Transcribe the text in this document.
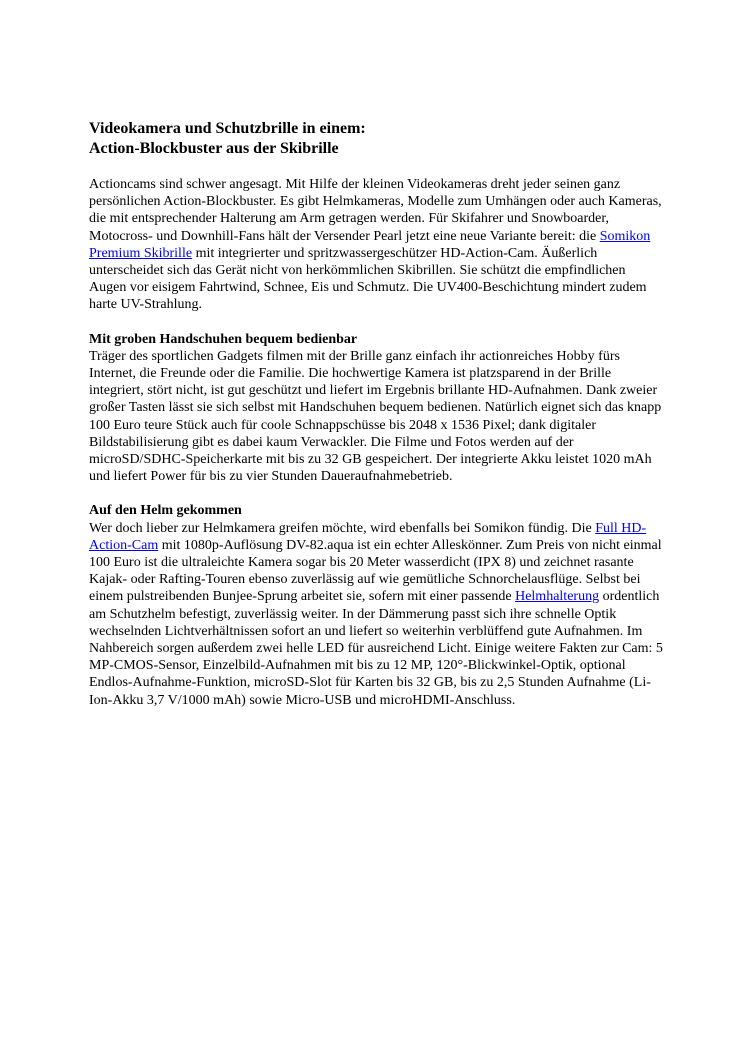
Videokamera und Schutzbrille in einem:
Action-Blockbuster aus der Skibrille

Actioncams sind schwer angesagt. Mit Hilfe der kleinen Videokameras dreht jeder seinen ganz persönlichen Action-Blockbuster. Es gibt Helmkameras, Modelle zum Umhängen oder auch Kameras, die mit entsprechender Halterung am Arm getragen werden. Für Skifahrer und Snowboarder, Motocross- und Downhill-Fans hält der Versender Pearl jetzt eine neue Variante bereit: die Somikon Premium Skibrille mit integrierter und spritzwassergeschützer HD-Action-Cam. Äußerlich unterscheidet sich das Gerät nicht von herkömmlichen Skibrillen. Sie schützt die empfindlichen Augen vor eisigem Fahrtwind, Schnee, Eis und Schmutz. Die UV400-Beschichtung mindert zudem harte UV-Strahlung.

Mit groben Handschuhen bequem bedienbar

Träger des sportlichen Gadgets filmen mit der Brille ganz einfach ihr actionreiches Hobby fürs Internet, die Freunde oder die Familie. Die hochwertige Kamera ist platzsparend in der Brille integriert, stört nicht, ist gut geschützt und liefert im Ergebnis brillante HD-Aufnahmen. Dank zweier großer Tasten lässt sie sich selbst mit Handschuhen bequem bedienen. Natürlich eignet sich das knapp 100 Euro teure Stück auch für coole Schnappschüsse bis 2048 x 1536 Pixel; dank digitaler Bildstabilisierung gibt es dabei kaum Verwackler. Die Filme und Fotos werden auf der microSD/SDHC-Speicherkarte mit bis zu 32 GB gespeichert. Der integrierte Akku leistet 1020 mAh und liefert Power für bis zu vier Stunden Daueraufnahmebetrieb.

Auf den Helm gekommen

Wer doch lieber zur Helmkamera greifen möchte, wird ebenfalls bei Somikon fündig. Die Full HD-Action-Cam mit 1080p-Auflösung DV-82.aqua ist ein echter Alleskönner. Zum Preis von nicht einmal 100 Euro ist die ultraleichte Kamera sogar bis 20 Meter wasserdicht (IPX 8) und zeichnet rasante Kajak- oder Rafting-Touren ebenso zuverlässig auf wie gemütliche Schnorchelausflüge. Selbst bei einem pulstreibenden Bunjee-Sprung arbeitet sie, sofern mit einer passende Helmhalterung ordentlich am Schutzhelm befestigt, zuverlässig weiter. In der Dämmerung passt sich ihre schnelle Optik wechselnden Lichtverhältnissen sofort an und liefert so weiterhin verblüffend gute Aufnahmen. Im Nahbereich sorgen außerdem zwei helle LED für ausreichend Licht. Einige weitere Fakten zur Cam: 5 MP-CMOS-Sensor, Einzelbild-Aufnahmen mit bis zu 12 MP, 120°-Blickwinkel-Optik, optional Endlos-Aufnahme-Funktion, microSD-Slot für Karten bis 32 GB, bis zu 2,5 Stunden Aufnahme (Li-Ion-Akku 3,7 V/1000 mAh) sowie Micro-USB und microHDMI-Anschluss.
